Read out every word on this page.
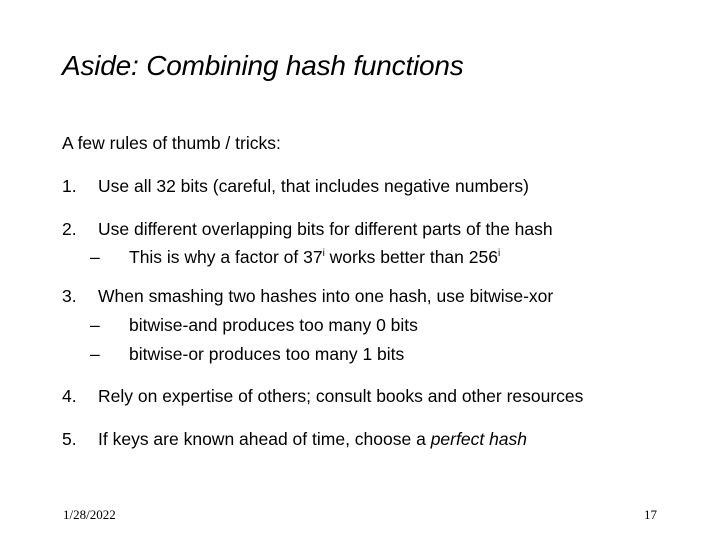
Aside: Combining hash functions
A few rules of thumb / tricks:
1. Use all 32 bits (careful, that includes negative numbers)
2. Use different overlapping bits for different parts of the hash
– This is why a factor of 37$^i$ works better than 256$^i$
3. When smashing two hashes into one hash, use bitwise-xor
– bitwise-and produces too many 0 bits
– bitwise-or produces too many 1 bits
4. Rely on expertise of others; consult books and other resources
5. If keys are known ahead of time, choose a perfect hash
1/28/2022	17
